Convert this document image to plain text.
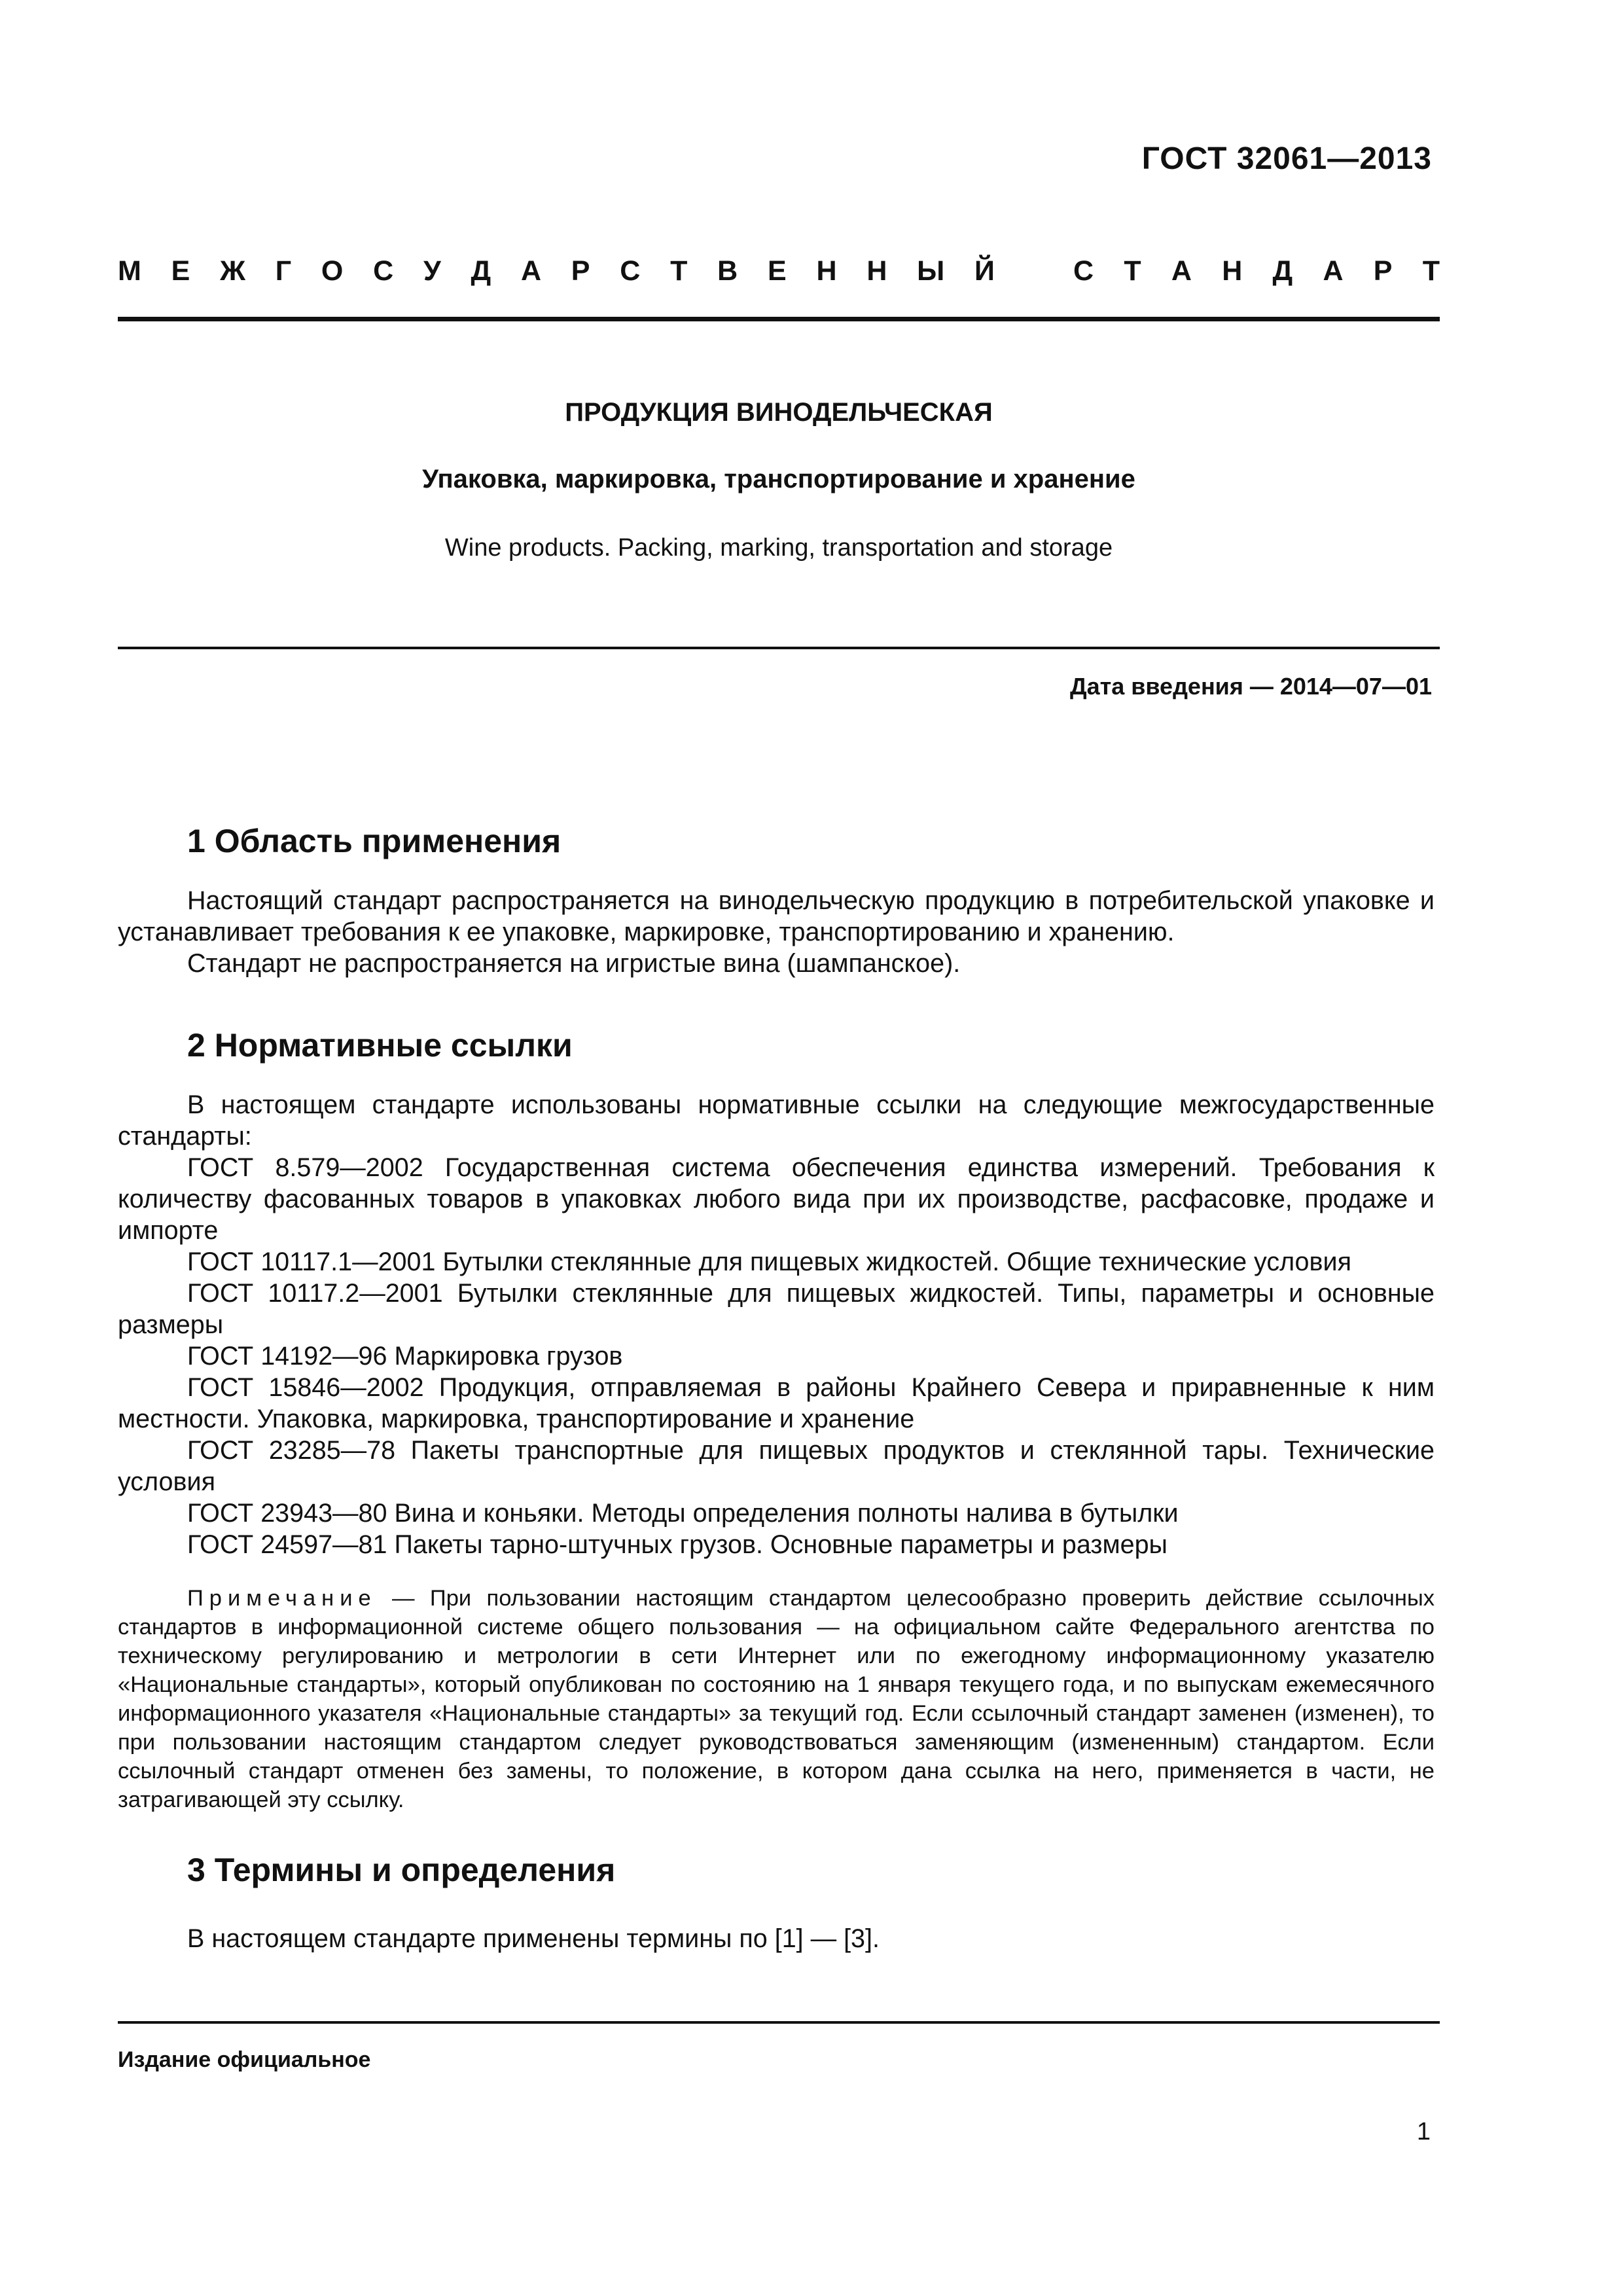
ГОСТ 32061—2013
М Е Ж Г О С У Д А Р С Т В Е Н Н Ы Й	С Т А Н Д А Р Т
ПРОДУКЦИЯ ВИНОДЕЛЬЧЕСКАЯ
Упаковка, маркировка, транспортирование и хранение
Wine products. Packing, marking, transportation and storage
Дата введения — 2014—07—01
1 Область применения

Настоящий стандарт распространяется на винодельческую продукцию в потребительской упаковке и устанавливает требования к ее упаковке, маркировке, транспортированию и хранению.

Стандарт не распространяется на игристые вина (шампанское).

2 Нормативные ссылки

В настоящем стандарте использованы нормативные ссылки на следующие межгосударственные стандарты:

ГОСТ 8.579—2002 Государственная система обеспечения единства измерений. Требования к количеству фасованных товаров в упаковках любого вида при их производстве, расфасовке, продаже и импорте

ГОСТ 10117.1—2001 Бутылки стеклянные для пищевых жидкостей. Общие технические условия

ГОСТ 10117.2—2001 Бутылки стеклянные для пищевых жидкостей. Типы, параметры и основные размеры

ГОСТ 14192—96 Маркировка грузов

ГОСТ 15846—2002 Продукция, отправляемая в районы Крайнего Севера и приравненные к ним местности. Упаковка, маркировка, транспортирование и хранение

ГОСТ 23285—78 Пакеты транспортные для пищевых продуктов и стеклянной тары. Технические условия

ГОСТ 23943—80 Вина и коньяки. Методы определения полноты налива в бутылки

ГОСТ 24597—81 Пакеты тарно-штучных грузов. Основные параметры и размеры

Примечание — При пользовании настоящим стандартом целесообразно проверить действие ссылочных стандартов в информационной системе общего пользования — на официальном сайте Федерального агентства по техническому регулированию и метрологии в сети Интернет или по ежегодному информационному указателю «Национальные стандарты», который опубликован по состоянию на 1 января текущего года, и по выпускам ежемесячного информационного указателя «Национальные стандарты» за текущий год. Если ссылочный стандарт заменен (изменен), то при пользовании настоящим стандартом следует руководствоваться заменяющим (измененным) стандартом. Если ссылочный стандарт отменен без замены, то положение, в котором дана ссылка на него, применяется в части, не затрагивающей эту ссылку.

3 Термины и определения

В настоящем стандарте применены термины по [1] — [3].

Издание официальное
1
